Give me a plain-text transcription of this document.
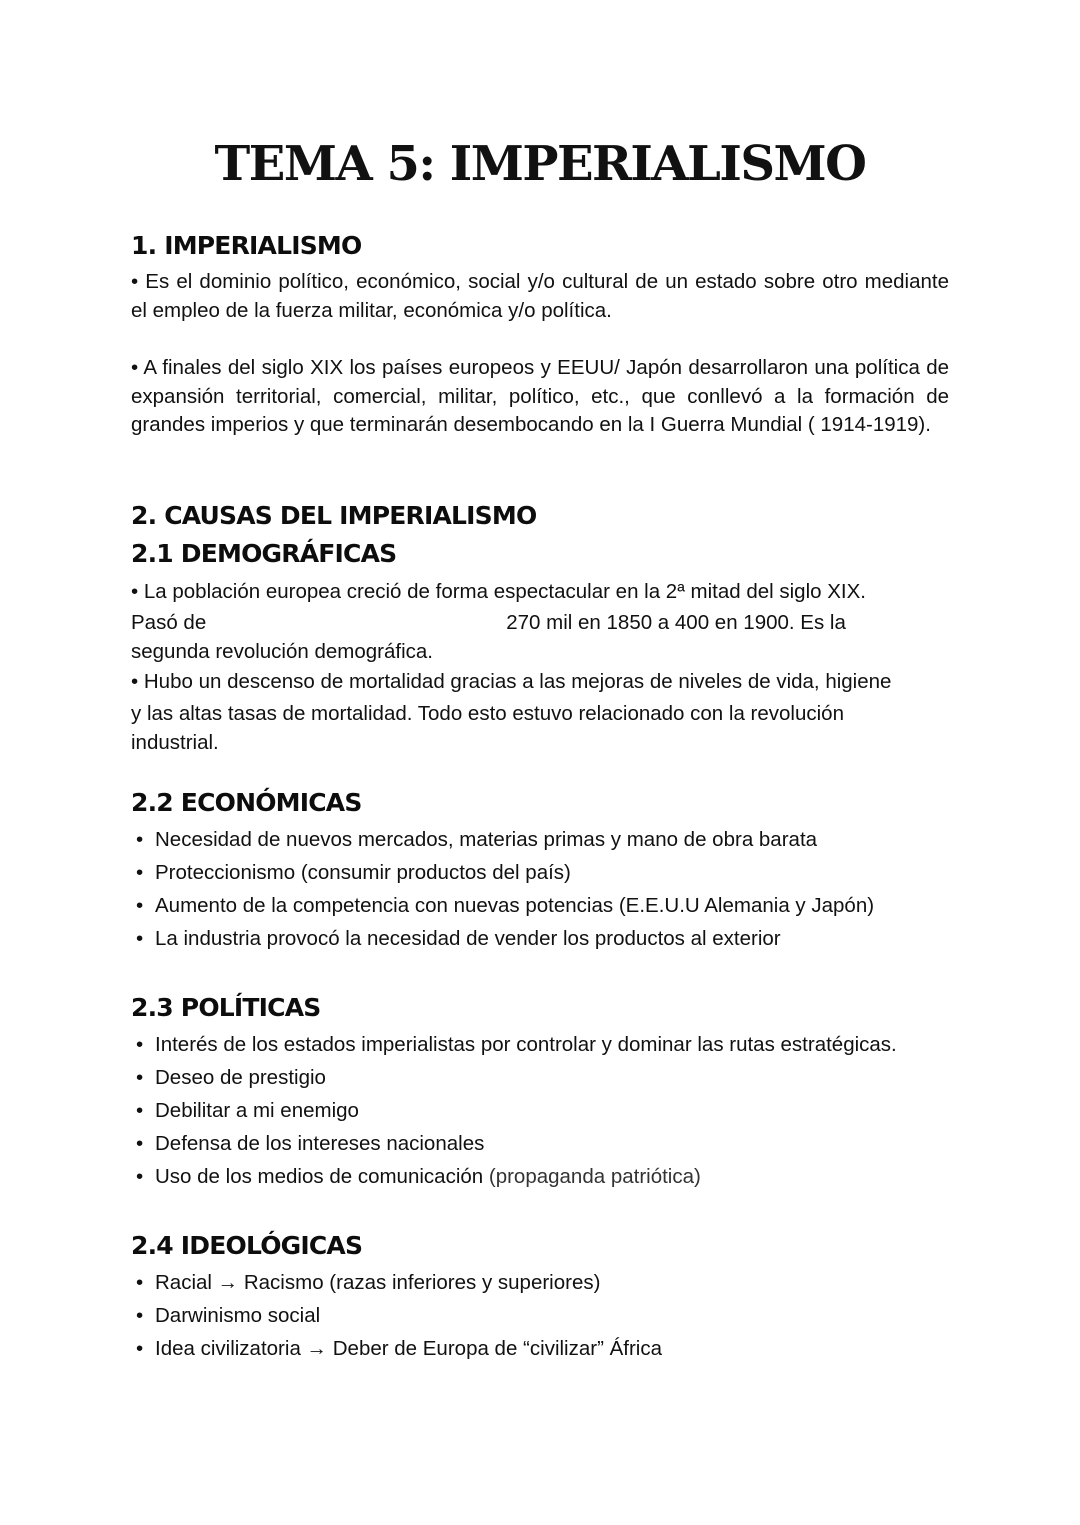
TEMA 5: IMPERIALISMO
1. IMPERIALISMO

• Es el dominio político, económico, social y/o cultural de un estado sobre otro mediante el empleo de la fuerza militar, económica y/o política.

• A finales del siglo XIX los países europeos y EEUU/ Japón desarrollaron una política de expansión territorial, comercial, militar, político, etc., que conllevó a la formación de grandes imperios y que terminarán desembocando en la I Guerra Mundial ( 1914-1919).

2. CAUSAS DEL IMPERIALISMO
2.1 DEMOGRÁFICAS

• La población europea creció de forma espectacular en la 2ª mitad del siglo XIX.

Pasó de	270 mil en 1850 a 400 en 1900. Es la

segunda revolución demográfica.

• Hubo un descenso de mortalidad gracias a las mejoras de niveles de vida, higiene

y las altas tasas de mortalidad. Todo esto estuvo relacionado con la revolución

industrial.

2.2 ECONÓMICAS
• Necesidad de nuevos mercados, materias primas y mano de obra barata
• Proteccionismo (consumir productos del país)
• Aumento de la competencia con nuevas potencias (E.E.U.U Alemania y Japón)
• La industria provocó la necesidad de vender los productos al exterior
2.3 POLÍTICAS
• Interés de los estados imperialistas por controlar y dominar las rutas estratégicas.
• Deseo de prestigio
• Debilitar a mi enemigo
• Defensa de los intereses nacionales
• Uso de los medios de comunicación (propaganda patriótica)
2.4 IDEOLÓGICAS
• Racial → Racismo (razas inferiores y superiores)
• Darwinismo social
• Idea civilizatoria → Deber de Europa de “civilizar” África
